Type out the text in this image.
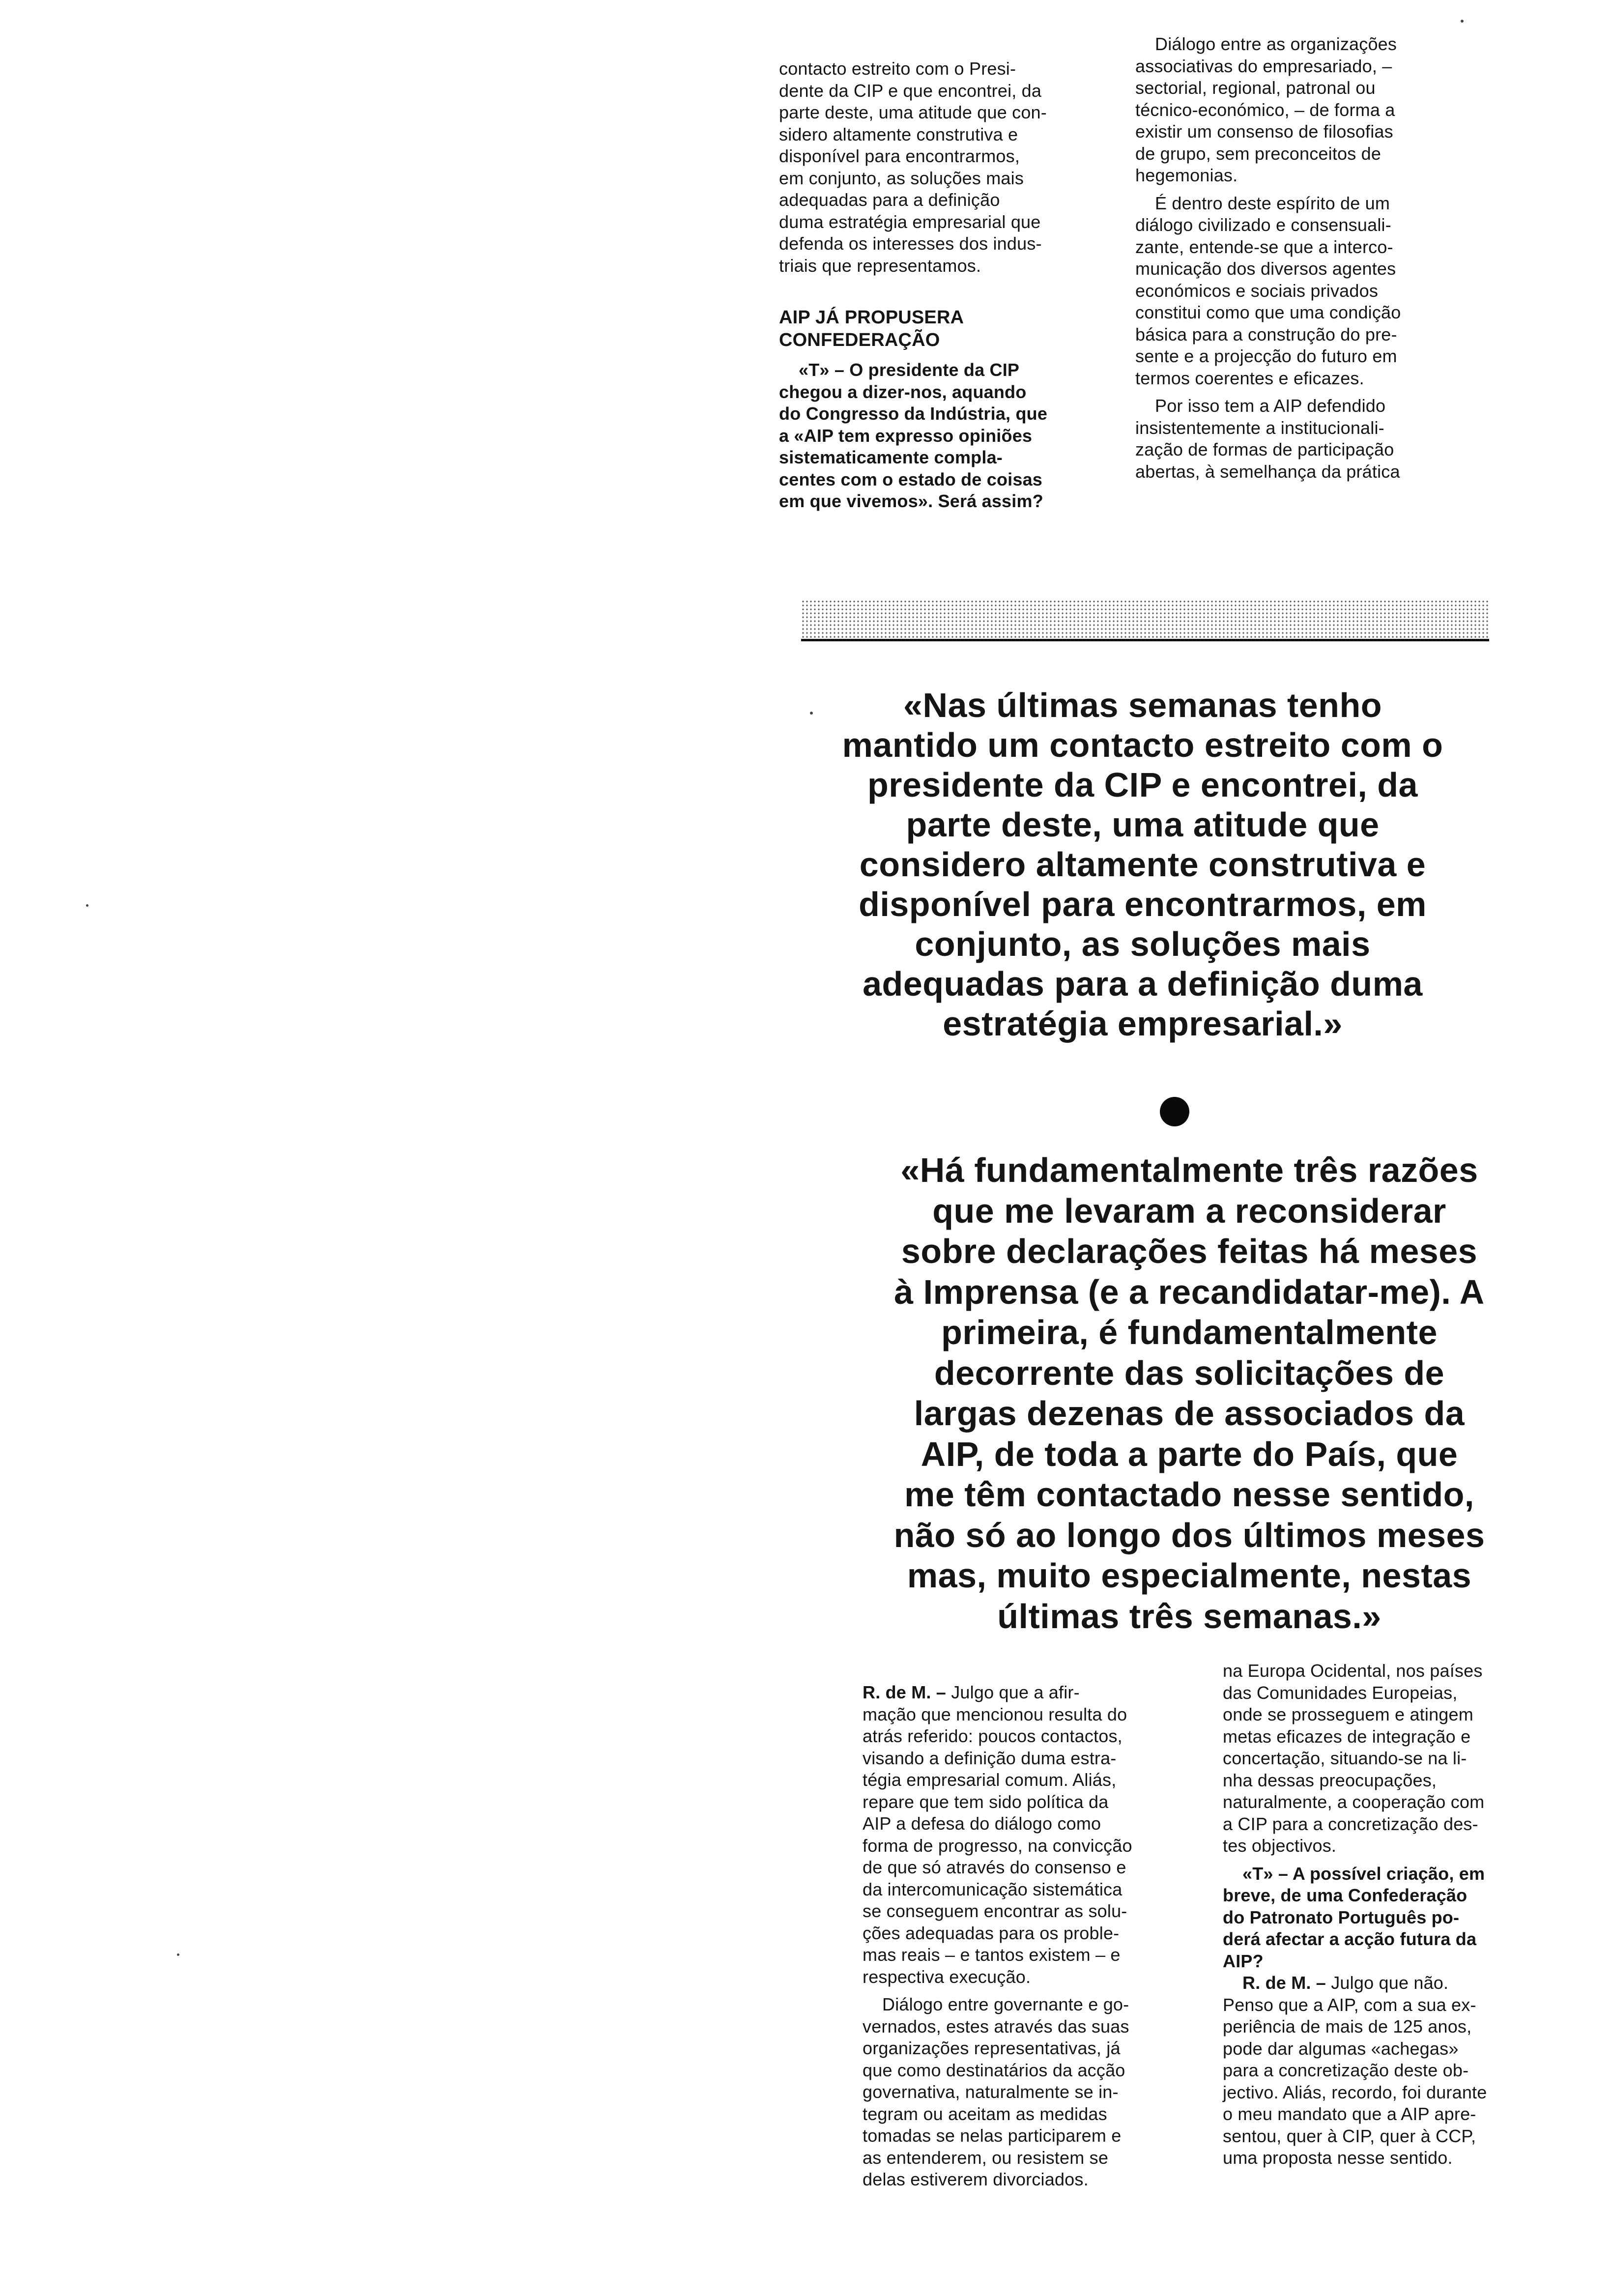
contacto estreito com o Presi-

dente da CIP e que encontrei, da

parte deste, uma atitude que con-

sidero altamente construtiva e

disponível para encontrarmos,

em conjunto, as soluções mais

adequadas para a definição

duma estratégia empresarial que

defenda os interesses dos indus-

triais que representamos.

AIP JÁ PROPUSERA
CONFEDERAÇÃO

«T» – O presidente da CIP

chegou a dizer-nos, aquando

do Congresso da Indústria, que

a «AIP tem expresso opiniões

sistematicamente compla-

centes com o estado de coisas

em que vivemos». Será assim?

Diálogo entre as organizações

associativas do empresariado, –

sectorial, regional, patronal ou

técnico-económico, – de forma a

existir um consenso de filosofias

de grupo, sem preconceitos de

hegemonias.

É dentro deste espírito de um

diálogo civilizado e consensuali-

zante, entende-se que a interco-

municação dos diversos agentes

económicos e sociais privados

constitui como que uma condição

básica para a construção do pre-

sente e a projecção do futuro em

termos coerentes e eficazes.

Por isso tem a AIP defendido

insistentemente a institucionali-

zação de formas de participação

abertas, à semelhança da prática

«Nas últimas semanas tenho
mantido um contacto estreito com o
presidente da CIP e encontrei, da
parte deste, uma atitude que
considero altamente construtiva e
disponível para encontrarmos, em
conjunto, as soluções mais
adequadas para a definição duma
estratégia empresarial.»
«Há fundamentalmente três razões
que me levaram a reconsiderar
sobre declarações feitas há meses
à Imprensa (e a recandidatar-me). A
primeira, é fundamentalmente
decorrente das solicitações de
largas dezenas de associados da
AIP, de toda a parte do País, que
me têm contactado nesse sentido,
não só ao longo dos últimos meses
mas, muito especialmente, nestas
últimas três semanas.»

R. de M. – Julgo que a afir-

mação que mencionou resulta do

atrás referido: poucos contactos,

visando a definição duma estra-

tégia empresarial comum. Aliás,

repare que tem sido política da

AIP a defesa do diálogo como

forma de progresso, na convicção

de que só através do consenso e

da intercomunicação sistemática

se conseguem encontrar as solu-

ções adequadas para os proble-

mas reais – e tantos existem – e

respectiva execução.

Diálogo entre governante e go-

vernados, estes através das suas

organizações representativas, já

que como destinatários da acção

governativa, naturalmente se in-

tegram ou aceitam as medidas

tomadas se nelas participarem e

as entenderem, ou resistem se

delas estiverem divorciados.

na Europa Ocidental, nos países

das Comunidades Europeias,

onde se prosseguem e atingem

metas eficazes de integração e

concertação, situando-se na li-

nha dessas preocupações,

naturalmente, a cooperação com

a CIP para a concretização des-

tes objectivos.

«T» – A possível criação, em

breve, de uma Confederação

do Patronato Português po-

derá afectar a acção futura da

AIP?

R. de M. – Julgo que não.

Penso que a AIP, com a sua ex-

periência de mais de 125 anos,

pode dar algumas «achegas»

para a concretização deste ob-

jectivo. Aliás, recordo, foi durante

o meu mandato que a AIP apre-

sentou, quer à CIP, quer à CCP,

uma proposta nesse sentido.
